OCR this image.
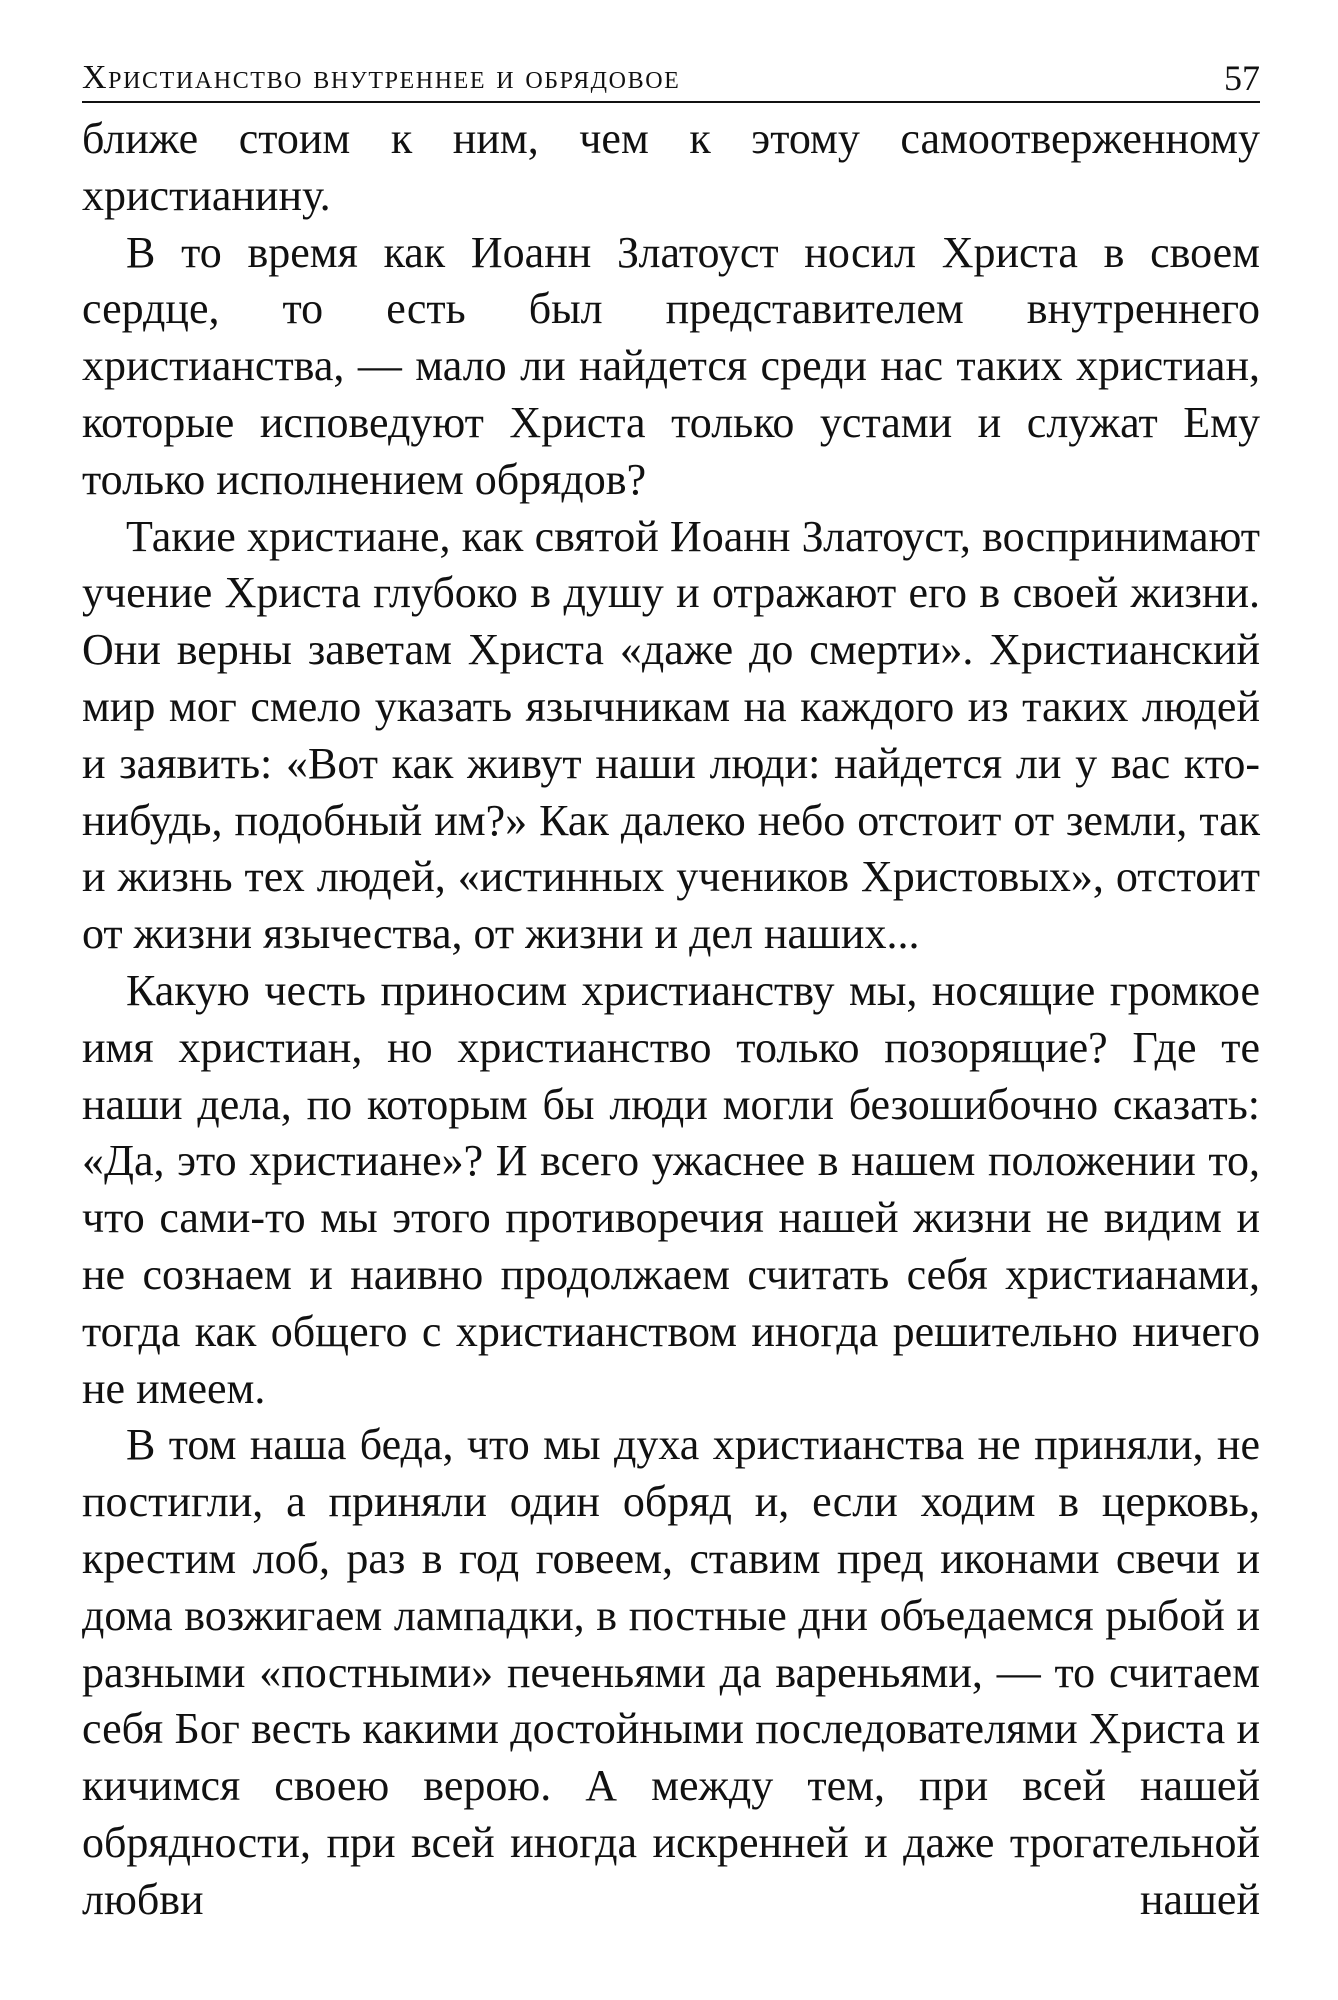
Христианство внутреннее и обрядовое	57

ближе стоим к ним, чем к этому самоотверженному христианину.

В то время как Иоанн Златоуст носил Христа в своем сердце, то есть был представителем внутреннего христианства, — мало ли найдется среди нас таких христиан, которые исповедуют Христа только устами и служат Ему только исполнением обрядов?

Такие христиане, как святой Иоанн Златоуст, воспринимают учение Христа глубоко в душу и отражают его в своей жизни. Они верны заветам Христа «даже до смерти». Христианский мир мог смело указать язычникам на каждого из таких людей и заявить: «Вот как живут наши люди: найдется ли у вас кто-нибудь, подобный им?» Как далеко небо отстоит от земли, так и жизнь тех людей, «истинных учеников Христовых», отстоит от жизни язычества, от жизни и дел наших...

Какую честь приносим христианству мы, носящие громкое имя христиан, но христианство только позорящие? Где те наши дела, по которым бы люди могли безошибочно сказать: «Да, это христиане»? И всего ужаснее в нашем положении то, что сами-то мы этого противоречия нашей жизни не видим и не сознаем и наивно продолжаем считать себя христианами, тогда как общего с христианством иногда решительно ничего не имеем.

В том наша беда, что мы духа христианства не приняли, не постигли, а приняли один обряд и, если ходим в церковь, крестим лоб, раз в год говеем, ставим пред иконами свечи и дома возжигаем лампадки, в постные дни объедаемся рыбой и разными «постными» печеньями да вареньями, — то считаем себя Бог весть какими достойными последователями Христа и кичимся своею верою. А между тем, при всей нашей обрядности, при всей иногда искренней и даже трогательной любви нашей
